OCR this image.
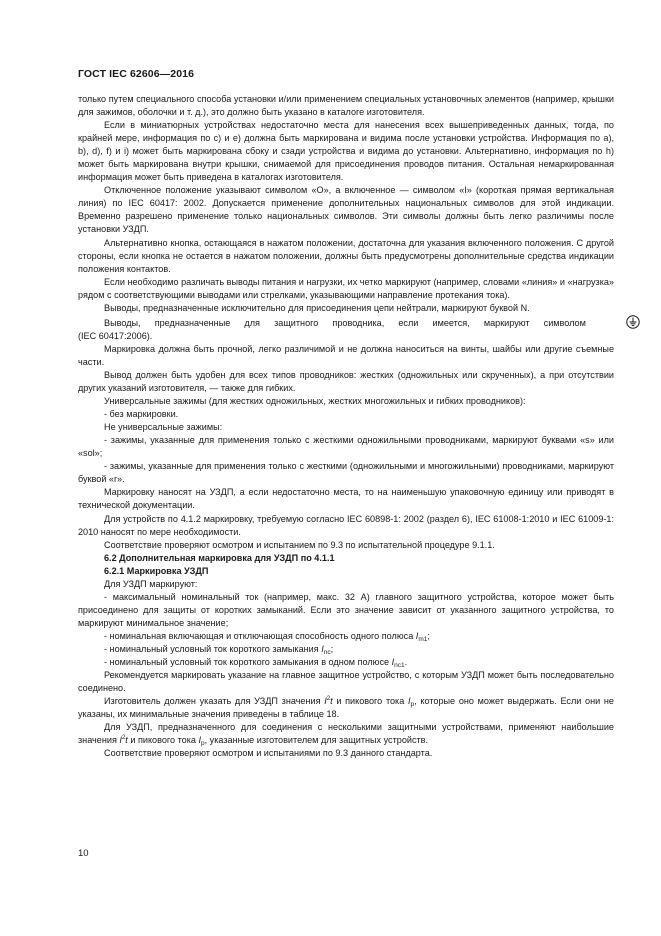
ГОСТ IEC 62606—2016

только путем специального способа установки и/или применением специальных установочных элементов (например, крышки для зажимов, оболочки и т. д.), это должно быть указано в каталоге изготовителя.

Если в миниатюрных устройствах недостаточно места для нанесения всех вышеприведенных данных, тогда, по крайней мере, информация по с) и е) должна быть маркирована и видима после установки устройства. Информация по а), b), d), f) и i) может быть маркирована сбоку и сзади устройства и видима до установки. Альтернативно, информация по h) может быть маркирована внутри крышки, снимаемой для присоединения проводов питания. Остальная немаркированная информация может быть приведена в каталогах изготовителя.

Отключенное положение указывают символом «О», а включенное — символом «I» (короткая прямая вертикальная линия) по IEC 60417: 2002. Допускается применение дополнительных национальных символов для этой индикации. Временно разрешено применение только национальных символов. Эти символы должны быть легко различимы после установки УЗДП.

Альтернативно кнопка, остающаяся в нажатом положении, достаточна для указания включенного положения. С другой стороны, если кнопка не остается в нажатом положении, должны быть предусмотрены дополнительные средства индикации положения контактов.

Если необходимо различать выводы питания и нагрузки, их четко маркируют (например, словами «линия» и «нагрузка» рядом с соответствующими выводами или стрелками, указывающими направление протекания тока).

Выводы, предназначенные исключительно для присоединения цепи нейтрали, маркируют буквой N.

Выводы, предназначенные для защитного проводника, если имеется, маркируют символом

(IEC 60417:2006).

Маркировка должна быть прочной, легко различимой и не должна наноситься на винты, шайбы или другие съемные части.

Вывод должен быть удобен для всех типов проводников: жестких (одножильных или скрученных), а при отсутствии других указаний изготовителя, — также для гибких.

Универсальные зажимы (для жестких одножильных, жестких многожильных и гибких проводников):

- без маркировки.

Не универсальные зажимы:

- зажимы, указанные для применения только с жесткими одножильными проводниками, маркируют буквами «s» или «sol»;

- зажимы, указанные для применения только с жесткими (одножильными и многожильными) проводниками, маркируют буквой «r».

Маркировку наносят на УЗДП, а если недостаточно места, то на наименьшую упаковочную единицу или приводят в технической документации.

Для устройств по 4.1.2 маркировку, требуемую согласно IEC 60898-1: 2002 (раздел 6), IEC 61008-1:2010 и IEC 61009-1: 2010 наносят по мере необходимости.

Соответствие проверяют осмотром и испытанием по 9.3 по испытательной процедуре 9.1.1.

6.2 Дополнительная маркировка для УЗДП по 4.1.1

6.2.1 Маркировка УЗДП

Для УЗДП маркируют:

- максимальный номинальный ток (например, макс. 32 А) главного защитного устройства, которое может быть присоединено для защиты от коротких замыканий. Если это значение зависит от указанного защитного устройства, то маркируют минимальное значение;

- номинальная включающая и отключающая способность одного полюса $I_{m1}$;

- номинальный условный ток короткого замыкания $I_{nc}$;

- номинальный условный ток короткого замыкания в одном полюсе $I_{nc1}$.

Рекомендуется маркировать указание на главное защитное устройство, с которым УЗДП может быть последовательно соединено.

Изготовитель должен указать для УЗДП значения $I^2t$ и пикового тока $I_p$, которые оно может выдержать. Если они не указаны, их минимальные значения приведены в таблице 18.

Для УЗДП, предназначенного для соединения с несколькими защитными устройствами, применяют наибольшие значения $I^2t$ и пикового тока $I_p$, указанные изготовителем для защитных устройств.

Соответствие проверяют осмотром и испытаниями по 9.3 данного стандарта.

10
